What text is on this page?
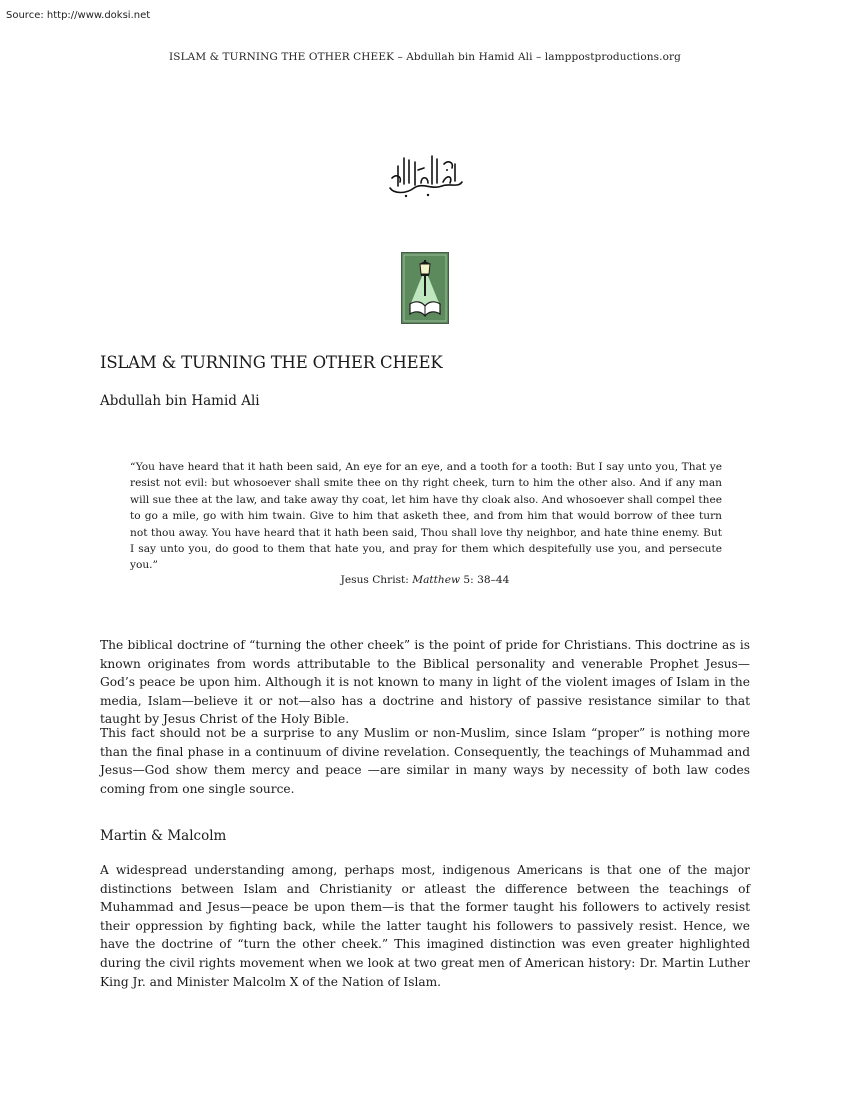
Source: http://www.doksi.net
ISLAM & TURNING THE OTHER CHEEK – Abdullah bin Hamid Ali – lamppostproductions.org
ISLAM & TURNING THE OTHER CHEEK
Abdullah bin Hamid Ali

“You have heard that it hath been said, An eye for an eye, and a tooth for a tooth: But I say unto you, That ye resist not evil: but whosoever shall smite thee on thy right cheek, turn to him the other also. And if any man will sue thee at the law, and take away thy coat, let him have thy cloak also. And whosoever shall compel thee to go a mile, go with him twain. Give to him that asketh thee, and from him that would borrow of thee turn not thou away. You have heard that it hath been said, Thou shall love thy neighbor, and hate thine enemy. But I say unto you, do good to them that hate you, and pray for them which despitefully use you, and persecute you.”

Jesus Christ: Matthew 5: 38–44

The biblical doctrine of “turning the other cheek” is the point of pride for Christians. This doctrine as is known originates from words attributable to the Biblical personality and venerable Prophet Jesus—God’s peace be upon him. Although it is not known to many in light of the violent images of Islam in the media, Islam—believe it or not—also has a doctrine and history of passive resistance similar to that taught by Jesus Christ of the Holy Bible.

This fact should not be a surprise to any Muslim or non-Muslim, since Islam “proper” is nothing more than the final phase in a continuum of divine revelation. Consequently, the teachings of Muhammad and Jesus—God show them mercy and peace —are similar in many ways by necessity of both law codes coming from one single source.

Martin & Malcolm

A widespread understanding among, perhaps most, indigenous Americans is that one of the major distinctions between Islam and Christianity or atleast the difference between the teachings of Muhammad and Jesus—peace be upon them—is that the former taught his followers to actively resist their oppression by fighting back, while the latter taught his followers to passively resist. Hence, we have the doctrine of “turn the other cheek.” This imagined distinction was even greater highlighted during the civil rights movement when we look at two great men of American history: Dr. Martin Luther King Jr. and Minister Malcolm X of the Nation of Islam.
